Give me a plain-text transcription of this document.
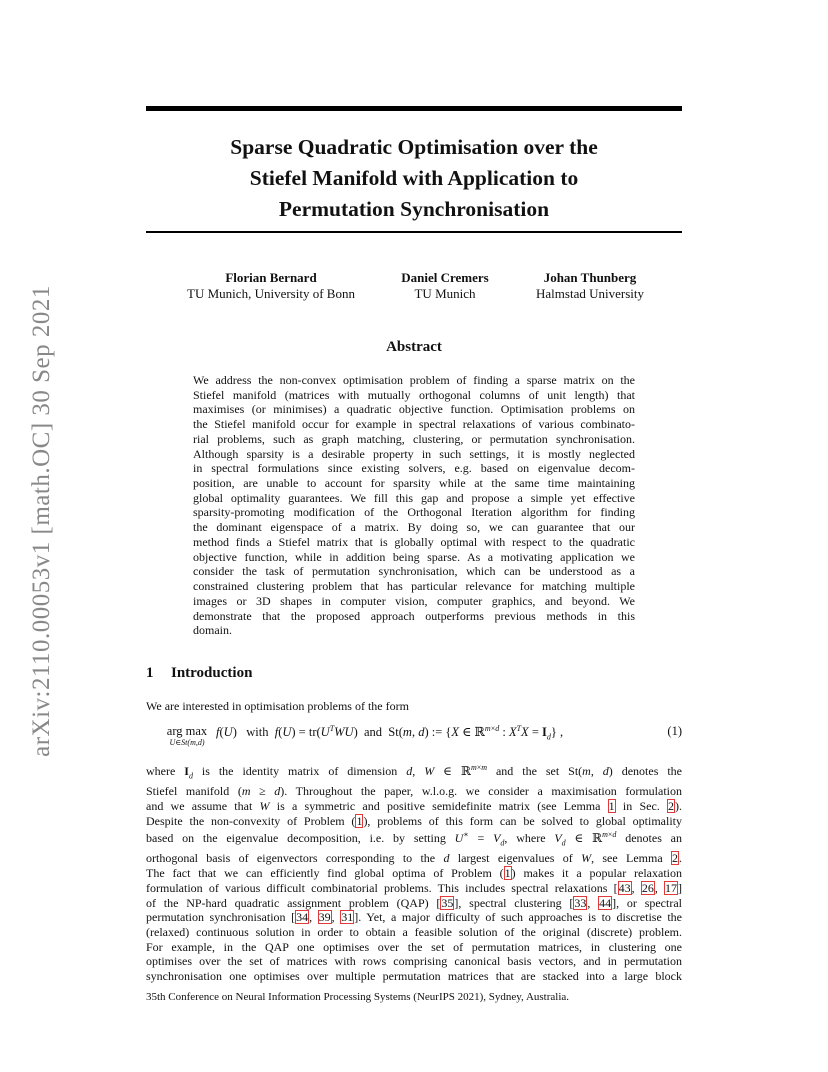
arXiv:2110.00053v1 [math.OC] 30 Sep 2021
Sparse Quadratic Optimisation over the
Stiefel Manifold with Application to
Permutation Synchronisation
Florian Bernard
TU Munich, University of Bonn
Daniel Cremers
TU Munich
Johan Thunberg
Halmstad University
Abstract
We address the non-convex optimisation problem of finding a sparse matrix on the
Stiefel manifold (matrices with mutually orthogonal columns of unit length) that
maximises (or minimises) a quadratic objective function. Optimisation problems on
the Stiefel manifold occur for example in spectral relaxations of various combinato-
rial problems, such as graph matching, clustering, or permutation synchronisation.
Although sparsity is a desirable property in such settings, it is mostly neglected
in spectral formulations since existing solvers, e.g. based on eigenvalue decom-
position, are unable to account for sparsity while at the same time maintaining
global optimality guarantees. We fill this gap and propose a simple yet effective
sparsity-promoting modification of the Orthogonal Iteration algorithm for finding
the dominant eigenspace of a matrix. By doing so, we can guarantee that our
method finds a Stiefel matrix that is globally optimal with respect to the quadratic
objective function, while in addition being sparse. As a motivating application we
consider the task of permutation synchronisation, which can be understood as a
constrained clustering problem that has particular relevance for matching multiple
images or 3D shapes in computer vision, computer graphics, and beyond. We
demonstrate that the proposed approach outperforms previous methods in this
domain.
1 Introduction
We are interested in optimisation problems of the form
arg max
U∈St(m,d)
f(U)   with  $f(U) = tr(U^TWU)$  and  St(m, d) := {X ∈ ℝ$^{m\times d}$ : $X^TX = I_d$} ,	(1)
where $I_d$ is the identity matrix of dimension d, W ∈ ℝ$^{m\times m}$ and the set St(m, d) denotes the
Stiefel manifold (m ≥ d). Throughout the paper, w.l.o.g. we consider a maximisation formulation
and we assume that W is a symmetric and positive semidefinite matrix (see Lemma 1 in Sec. 2).
Despite the non-convexity of Problem (1), problems of this form can be solved to global optimality
based on the eigenvalue decomposition, i.e. by setting $U^∗ = V_d$, where $V_d$ ∈ ℝ$^{m\times d}$ denotes an
orthogonal basis of eigenvectors corresponding to the d largest eigenvalues of W, see Lemma 2.
The fact that we can efficiently find global optima of Problem (1) makes it a popular relaxation
formulation of various difficult combinatorial problems. This includes spectral relaxations [43, 26, 17]
of the NP-hard quadratic assignment problem (QAP) [35], spectral clustering [33, 44], or spectral
permutation synchronisation [34, 39, 31]. Yet, a major difficulty of such approaches is to discretise the
(relaxed) continuous solution in order to obtain a feasible solution of the original (discrete) problem.
For example, in the QAP one optimises over the set of permutation matrices, in clustering one
optimises over the set of matrices with rows comprising canonical basis vectors, and in permutation
synchronisation one optimises over multiple permutation matrices that are stacked into a large block
35th Conference on Neural Information Processing Systems (NeurIPS 2021), Sydney, Australia.
